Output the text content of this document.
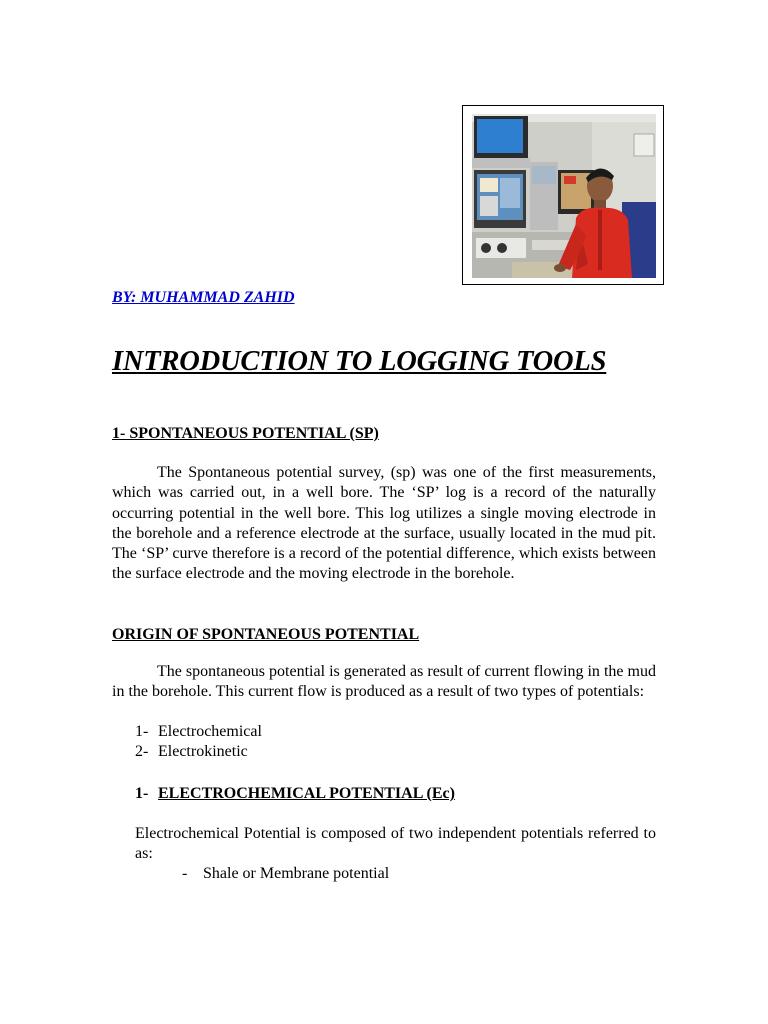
BY: MUHAMMAD ZAHID
INTRODUCTION TO LOGGING TOOLS
1- SPONTANEOUS POTENTIAL (SP)
The Spontaneous potential survey, (sp) was one of the first measurements, which was carried out, in a well bore. The ‘SP’ log is a record of the naturally occurring potential in the well bore. This log utilizes a single moving electrode in the borehole and a reference electrode at the surface, usually located in the mud pit. The ‘SP’ curve therefore is a record of the potential difference, which exists between the surface electrode and the moving electrode in the borehole.
ORIGIN OF SPONTANEOUS POTENTIAL
The spontaneous potential is generated as result of current flowing in the mud in the borehole. This current flow is produced as a result of two types of potentials:
1- Electrochemical
2- Electrokinetic
1- ELECTROCHEMICAL POTENTIAL (Ec)
Electrochemical Potential is composed of two independent potentials referred to as:
- Shale or Membrane potential
